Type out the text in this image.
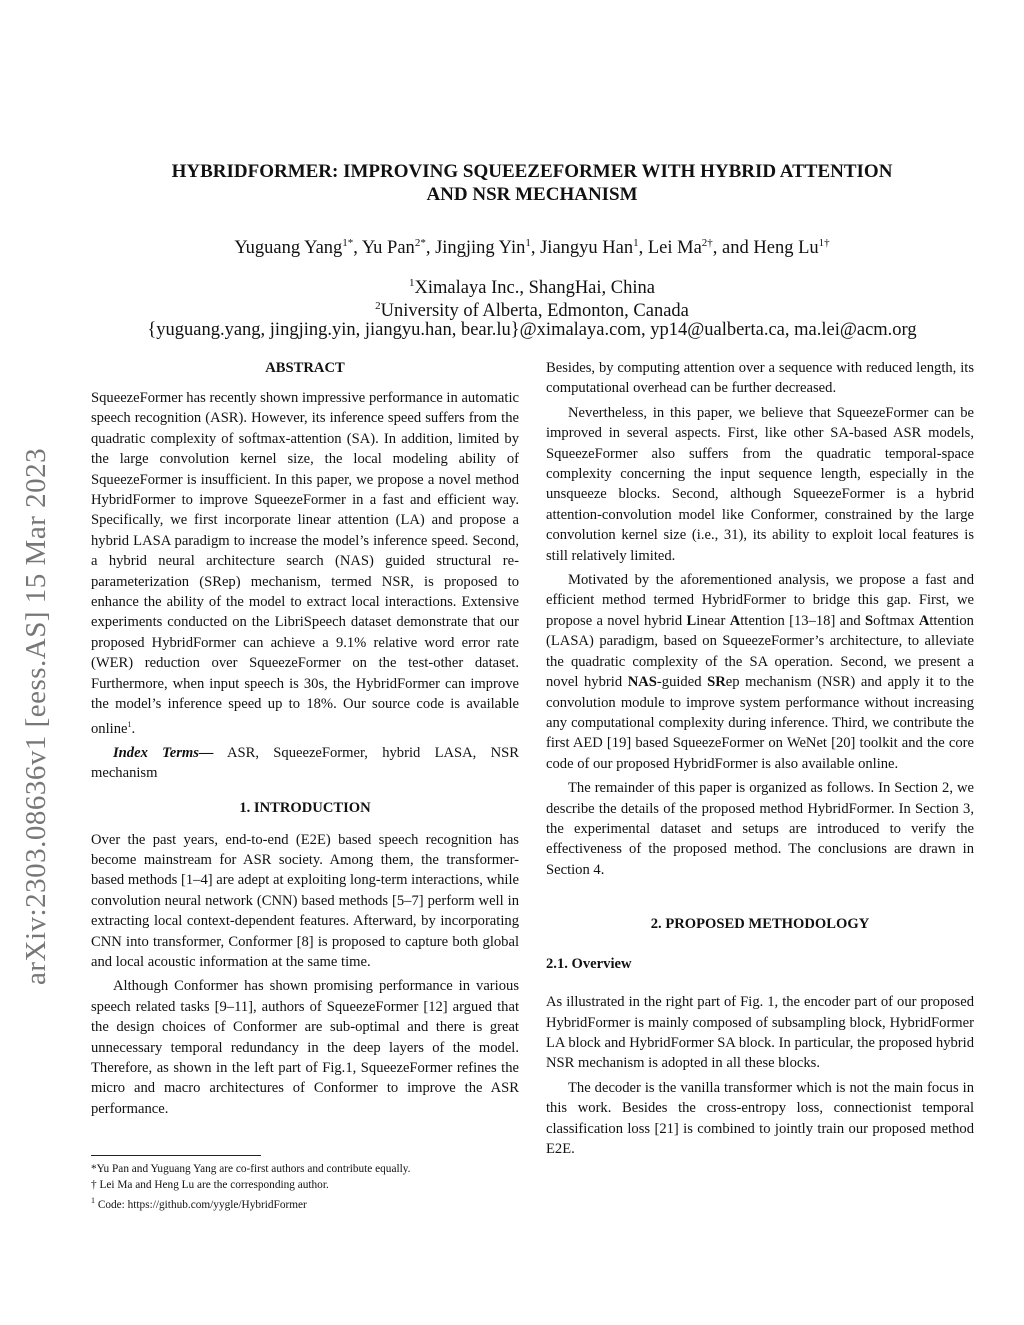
arXiv:2303.08636v1 [eess.AS] 15 Mar 2023
HYBRIDFORMER: IMPROVING SQUEEZEFORMER WITH HYBRID ATTENTION
AND NSR MECHANISM
Yuguang Yang$^{1*}$, Yu Pan$^{2*}$, Jingjing Yin$^1$, Jiangyu Han$^1$, Lei $Ma^{2\dagger}$, and Heng $Lu^{1\dagger}$
$^1$Ximalaya Inc., ShangHai, China
$^2$University of Alberta, Edmonton, Canada
{yuguang.yang, jingjing.yin, jiangyu.han, bear.lu}@ximalaya.com, yp14@ualberta.ca, ma.lei@acm.org
ABSTRACT

SqueezeFormer has recently shown impressive performance in automatic speech recognition (ASR). However, its inference speed suffers from the quadratic complexity of softmax-attention (SA). In addition, limited by the large convolution kernel size, the local modeling ability of SqueezeFormer is insufficient. In this paper, we propose a novel method HybridFormer to improve SqueezeFormer in a fast and efficient way. Specifically, we first incorporate linear attention (LA) and propose a hybrid LASA paradigm to increase the model’s inference speed. Second, a hybrid neural architecture search (NAS) guided structural re-parameterization (SRep) mechanism, termed NSR, is proposed to enhance the ability of the model to extract local interactions. Extensive experiments conducted on the LibriSpeech dataset demonstrate that our proposed HybridFormer can achieve a 9.1% relative word error rate (WER) reduction over SqueezeFormer on the test-other dataset. Furthermore, when input speech is 30s, the HybridFormer can improve the model’s inference speed up to 18%. Our source code is available online$^1$.

Index Terms— ASR, SqueezeFormer, hybrid LASA, NSR mechanism

1. INTRODUCTION

Over the past years, end-to-end (E2E) based speech recognition has become mainstream for ASR society. Among them, the transformer-based methods [1–4] are adept at exploiting long-term interactions, while convolution neural network (CNN) based methods [5–7] perform well in extracting local context-dependent features. Afterward, by incorporating CNN into transformer, Conformer [8] is proposed to capture both global and local acoustic information at the same time.

Although Conformer has shown promising performance in various speech related tasks [9–11], authors of SqueezeFormer [12] argued that the design choices of Conformer are sub-optimal and there is great unnecessary temporal redundancy in the deep layers of the model. Therefore, as shown in the left part of Fig.1, SqueezeFormer refines the micro and macro architectures of Conformer to improve the ASR performance.

Besides, by computing attention over a sequence with reduced length, its computational overhead can be further decreased.

Nevertheless, in this paper, we believe that SqueezeFormer can be improved in several aspects. First, like other SA-based ASR models, SqueezeFormer also suffers from the quadratic temporal-space complexity concerning the input sequence length, especially in the unsqueeze blocks. Second, although SqueezeFormer is a hybrid attention-convolution model like Conformer, constrained by the large convolution kernel size (i.e., 31), its ability to exploit local features is still relatively limited.

Motivated by the aforementioned analysis, we propose a fast and efficient method termed HybridFormer to bridge this gap. First, we propose a novel hybrid Linear Attention [13–18] and Softmax Attention (LASA) paradigm, based on SqueezeFormer’s architecture, to alleviate the quadratic complexity of the SA operation. Second, we present a novel hybrid NAS-guided SRep mechanism (NSR) and apply it to the convolution module to improve system performance without increasing any computational complexity during inference. Third, we contribute the first AED [19] based SqueezeFormer on WeNet [20] toolkit and the core code of our proposed HybridFormer is also available online.

The remainder of this paper is organized as follows. In Section 2, we describe the details of the proposed method HybridFormer. In Section 3, the experimental dataset and setups are introduced to verify the effectiveness of the proposed method. The conclusions are drawn in Section 4.

2. PROPOSED METHODOLOGY
2.1. Overview

As illustrated in the right part of Fig. 1, the encoder part of our proposed HybridFormer is mainly composed of subsampling block, HybridFormer LA block and HybridFormer SA block. In particular, the proposed hybrid NSR mechanism is adopted in all these blocks.

The decoder is the vanilla transformer which is not the main focus in this work. Besides the cross-entropy loss, connectionist temporal classification loss [21] is combined to jointly train our proposed method E2E.

*Yu Pan and Yuguang Yang are co-first authors and contribute equally.
† Lei Ma and Heng Lu are the corresponding author.
$^1$ Code: https://github.com/yygle/HybridFormer
